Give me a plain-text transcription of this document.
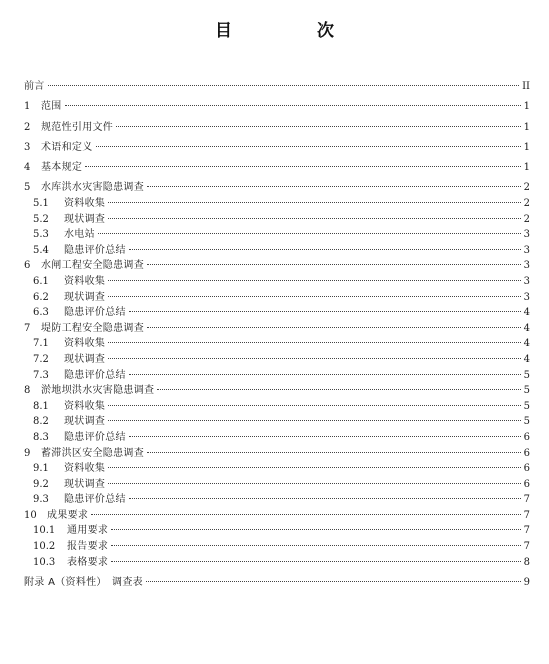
目　次
前言	II
1 范围	1
2 规范性引用文件	1
3 术语和定义	1
4 基本规定	1
5 水库洪水灾害隐患调查	2
5.1	资料收集	2
5.2	现状调查	2
5.3	水电站	3
5.4	隐患评价总结	3
6 水闸工程安全隐患调查	3
6.1	资料收集	3
6.2	现状调查	3
6.3	隐患评价总结	4
7 堤防工程安全隐患调查	4
7.1	资料收集	4
7.2	现状调查	4
7.3	隐患评价总结	5
8 淤地坝洪水灾害隐患调查	5
8.1	资料收集	5
8.2	现状调查	5
8.3	隐患评价总结	6
9 蓄滞洪区安全隐患调查	6
9.1	资料收集	6
9.2	现状调查	6
9.3	隐患评价总结	7
10 成果要求	7
10.1	通用要求	7
10.2	报告要求	7
10.3	表格要求	8
附录 A（资料性）　调查表	9
